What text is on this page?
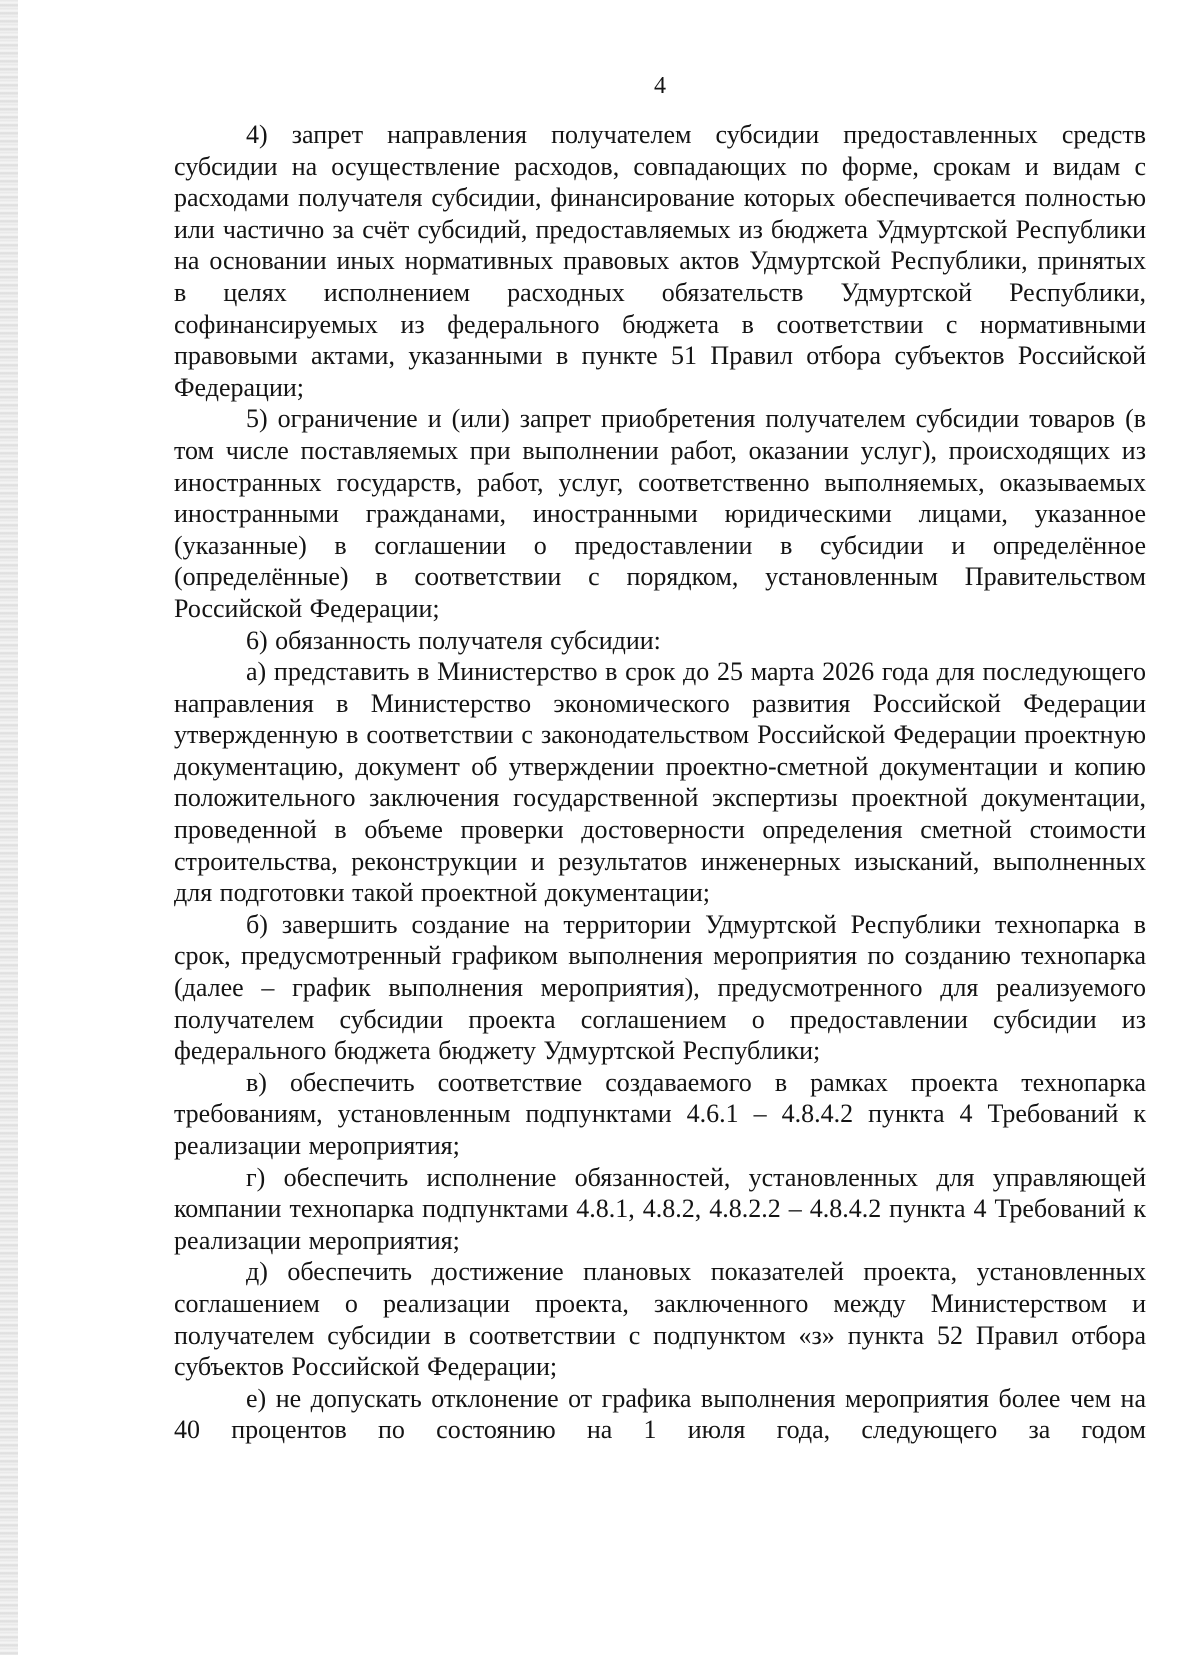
4

4) запрет направления получателем субсидии предоставленных средств субсидии на осуществление расходов, совпадающих по форме, срокам и видам с расходами получателя субсидии, финансирование которых обеспечивается полностью или частично за счёт субсидий, предоставляемых из бюджета Удмуртской Республики на основании иных нормативных правовых актов Удмуртской Республики, принятых в целях исполнением расходных обязательств Удмуртской Республики, софинансируемых из федерального бюджета в соответствии с нормативными правовыми актами, указанными в пункте 51 Правил отбора субъектов Российской Федерации;

5) ограничение и (или) запрет приобретения получателем субсидии товаров (в том числе поставляемых при выполнении работ, оказании услуг), происходящих из иностранных государств, работ, услуг, соответственно выполняемых, оказываемых иностранными гражданами, иностранными юридическими лицами, указанное (указанные) в соглашении о предоставлении в субсидии и определённое (определённые) в соответствии с порядком, установленным Правительством Российской Федерации;

6) обязанность получателя субсидии:

а) представить в Министерство в срок до 25 марта 2026 года для последующего направления в Министерство экономического развития Российской Федерации утвержденную в соответствии с законодательством Российской Федерации проектную документацию, документ об утверждении проектно-сметной документации и копию положительного заключения государственной экспертизы проектной документации, проведенной в объеме проверки достоверности определения сметной стоимости строительства, реконструкции и результатов инженерных изысканий, выполненных для подготовки такой проектной документации;

б) завершить создание на территории Удмуртской Республики технопарка в срок, предусмотренный графиком выполнения мероприятия по созданию технопарка (далее – график выполнения мероприятия), предусмотренного для реализуемого получателем субсидии проекта соглашением о предоставлении субсидии из федерального бюджета бюджету Удмуртской Республики;

в) обеспечить соответствие создаваемого в рамках проекта технопарка требованиям, установленным подпунктами 4.6.1 – 4.8.4.2 пункта 4 Требований к реализации мероприятия;

г) обеспечить исполнение обязанностей, установленных для управляющей компании технопарка подпунктами 4.8.1, 4.8.2, 4.8.2.2 – 4.8.4.2 пункта 4 Требований к реализации мероприятия;

д) обеспечить достижение плановых показателей проекта, установленных соглашением о реализации проекта, заключенного между Министерством и получателем субсидии в соответствии с подпунктом «з» пункта 52 Правил отбора субъектов Российской Федерации;

е) не допускать отклонение от графика выполнения мероприятия более чем на 40 процентов по состоянию на 1 июля года, следующего за годом
